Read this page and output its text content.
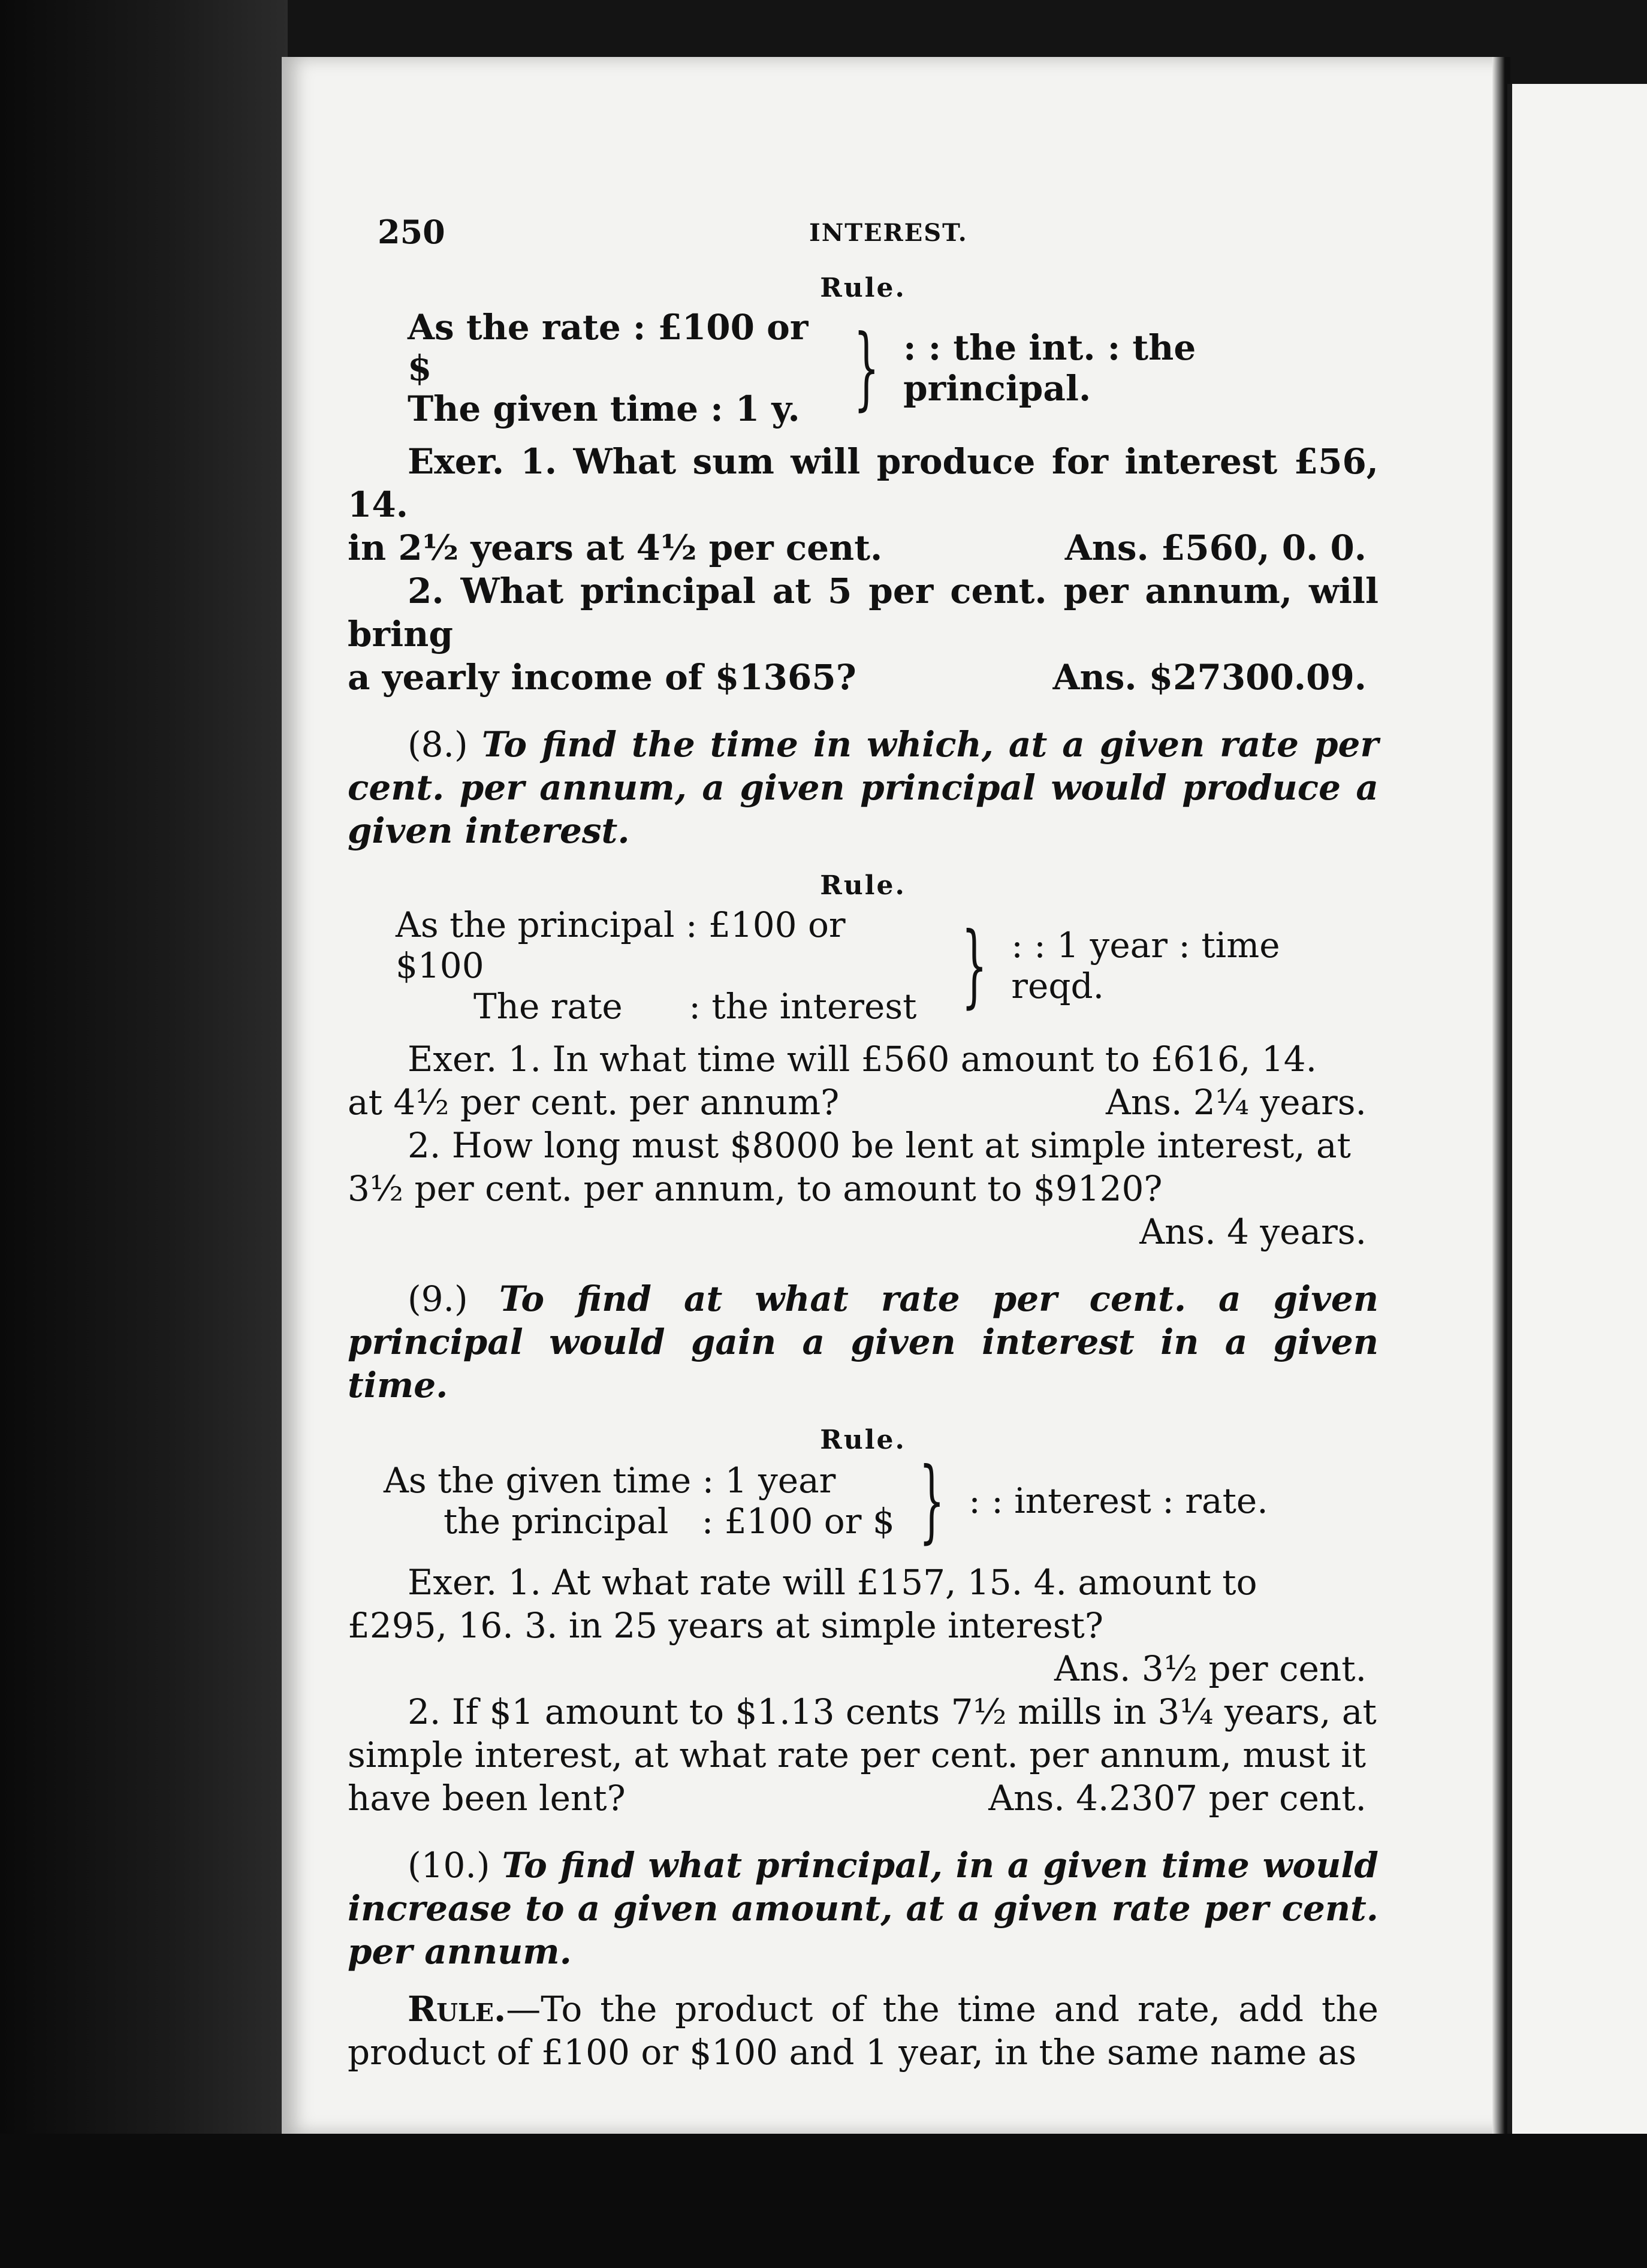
250	INTEREST.
Rule.
As the rate : £100 or $
The given time : 1 y. } : : the int. : the principal.

Exer. 1. What sum will produce for interest £56, 14.

in 2½ years at 4½ per cent.	Ans. £560, 0. 0.

2. What principal at 5 per cent. per annum, will bring

a yearly income of $1365?	Ans. $27300.09.

(8.) To find the time in which, at a given rate per cent. per annum, a given principal would produce a given interest.

Rule.
As the principal : £100 or $100
The rate      : the interest } : : 1 year : time reqd.

Exer. 1. In what time will £560 amount to £616, 14.

at 4½ per cent. per annum?	Ans. 2¼ years.

2. How long must $8000 be lent at simple interest, at

3½ per cent. per annum, to amount to $9120?

Ans. 4 years.

(9.) To find at what rate per cent. a given principal would gain a given interest in a given time.

Rule.
As the given time : 1 year
the principal   : £100 or $ } : : interest : rate.

Exer. 1. At what rate will £157, 15. 4. amount to

£295, 16. 3. in 25 years at simple interest?

Ans. 3½ per cent.

2. If $1 amount to $1.13 cents 7½ mills in 3¼ years, at

simple interest, at what rate per cent. per annum, must it

have been lent?	Ans. 4.2307 per cent.

(10.) To find what principal, in a given time would increase to a given amount, at a given rate per cent. per annum.

Rule.—To the product of the time and rate, add the product of £100 or $100 and 1 year, in the same name as
